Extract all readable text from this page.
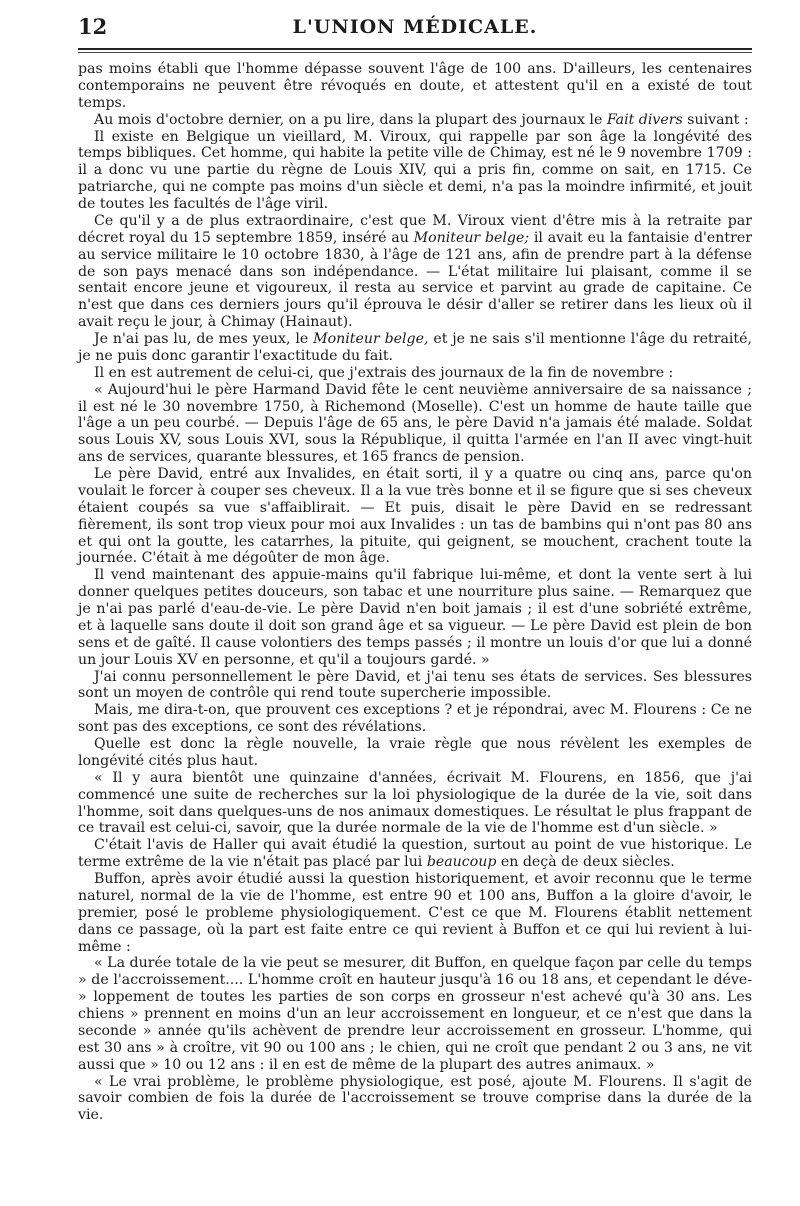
12	L'UNION MÉDICALE.

pas moins établi que l'homme dépasse souvent l'âge de 100 ans. D'ailleurs, les centenaires contemporains ne peuvent être révoqués en doute, et attestent qu'il en a existé de tout temps.

Au mois d'octobre dernier, on a pu lire, dans la plupart des journaux le Fait divers suivant :

Il existe en Belgique un vieillard, M. Viroux, qui rappelle par son âge la longévité des temps bibliques. Cet homme, qui habite la petite ville de Chimay, est né le 9 novembre 1709 : il a donc vu une partie du règne de Louis XIV, qui a pris fin, comme on sait, en 1715. Ce patriarche, qui ne compte pas moins d'un siècle et demi, n'a pas la moindre infirmité, et jouit de toutes les facultés de l'âge viril.

Ce qu'il y a de plus extraordinaire, c'est que M. Viroux vient d'être mis à la retraite par décret royal du 15 septembre 1859, inséré au Moniteur belge; il avait eu la fantaisie d'entrer au service militaire le 10 octobre 1830, à l'âge de 121 ans, afin de prendre part à la défense de son pays menacé dans son indépendance. — L'état militaire lui plaisant, comme il se sentait encore jeune et vigoureux, il resta au service et parvint au grade de capitaine. Ce n'est que dans ces derniers jours qu'il éprouva le désir d'aller se retirer dans les lieux où il avait reçu le jour, à Chimay (Hainaut).

Je n'ai pas lu, de mes yeux, le Moniteur belge, et je ne sais s'il mentionne l'âge du retraité, je ne puis donc garantir l'exactitude du fait.

Il en est autrement de celui-ci, que j'extrais des journaux de la fin de novembre :

« Aujourd'hui le père Harmand David fête le cent neuvième anniversaire de sa naissance ; il est né le 30 novembre 1750, à Richemond (Moselle). C'est un homme de haute taille que l'âge a un peu courbé. — Depuis l'âge de 65 ans, le père David n'a jamais été malade. Soldat sous Louis XV, sous Louis XVI, sous la République, il quitta l'armée en l'an II avec vingt-huit ans de services, quarante blessures, et 165 francs de pension.

Le père David, entré aux Invalides, en était sorti, il y a quatre ou cinq ans, parce qu'on voulait le forcer à couper ses cheveux. Il a la vue très bonne et il se figure que si ses cheveux étaient coupés sa vue s'affaiblirait. — Et puis, disait le père David en se redressant fièrement, ils sont trop vieux pour moi aux Invalides : un tas de bambins qui n'ont pas 80 ans et qui ont la goutte, les catarrhes, la pituite, qui geignent, se mouchent, crachent toute la journée. C'était à me dégoûter de mon âge.

Il vend maintenant des appuie-mains qu'il fabrique lui-même, et dont la vente sert à lui donner quelques petites douceurs, son tabac et une nourriture plus saine. — Remarquez que je n'ai pas parlé d'eau-de-vie. Le père David n'en boit jamais ; il est d'une sobriété extrême, et à laquelle sans doute il doit son grand âge et sa vigueur. — Le père David est plein de bon sens et de gaîté. Il cause volontiers des temps passés ; il montre un louis d'or que lui a donné un jour Louis XV en personne, et qu'il a toujours gardé. »

J'ai connu personnellement le père David, et j'ai tenu ses états de services. Ses blessures sont un moyen de contrôle qui rend toute supercherie impossible.

Mais, me dira-t-on, que prouvent ces exceptions ? et je répondrai, avec M. Flourens : Ce ne sont pas des exceptions, ce sont des révélations.

Quelle est donc la règle nouvelle, la vraie règle que nous révèlent les exemples de longévité cités plus haut.

« Il y aura bientôt une quinzaine d'années, écrivait M. Flourens, en 1856, que j'ai commencé une suite de recherches sur la loi physiologique de la durée de la vie, soit dans l'homme, soit dans quelques-uns de nos animaux domestiques. Le résultat le plus frappant de ce travail est celui-ci, savoir, que la durée normale de la vie de l'homme est d'un siècle. »

C'était l'avis de Haller qui avait étudié la question, surtout au point de vue historique. Le terme extrême de la vie n'était pas placé par lui beaucoup en deçà de deux siècles.

Buffon, après avoir étudié aussi la question historiquement, et avoir reconnu que le terme naturel, normal de la vie de l'homme, est entre 90 et 100 ans, Buffon a la gloire d'avoir, le premier, posé le probleme physiologiquement. C'est ce que M. Flourens établit nettement dans ce passage, où la part est faite entre ce qui revient à Buffon et ce qui lui revient à lui-même :

« La durée totale de la vie peut se mesurer, dit Buffon, en quelque façon par celle du temps » de l'accroissement.... L'homme croît en hauteur jusqu'à 16 ou 18 ans, et cependant le déve- » loppement de toutes les parties de son corps en grosseur n'est achevé qu'à 30 ans. Les chiens » prennent en moins d'un an leur accroissement en longueur, et ce n'est que dans la seconde » année qu'ils achèvent de prendre leur accroissement en grosseur. L'homme, qui est 30 ans » à croître, vit 90 ou 100 ans ; le chien, qui ne croît que pendant 2 ou 3 ans, ne vit aussi que » 10 ou 12 ans : il en est de même de la plupart des autres animaux. »

« Le vrai problème, le problème physiologique, est posé, ajoute M. Flourens. Il s'agit de savoir combien de fois la durée de l'accroissement se trouve comprise dans la durée de la vie.
